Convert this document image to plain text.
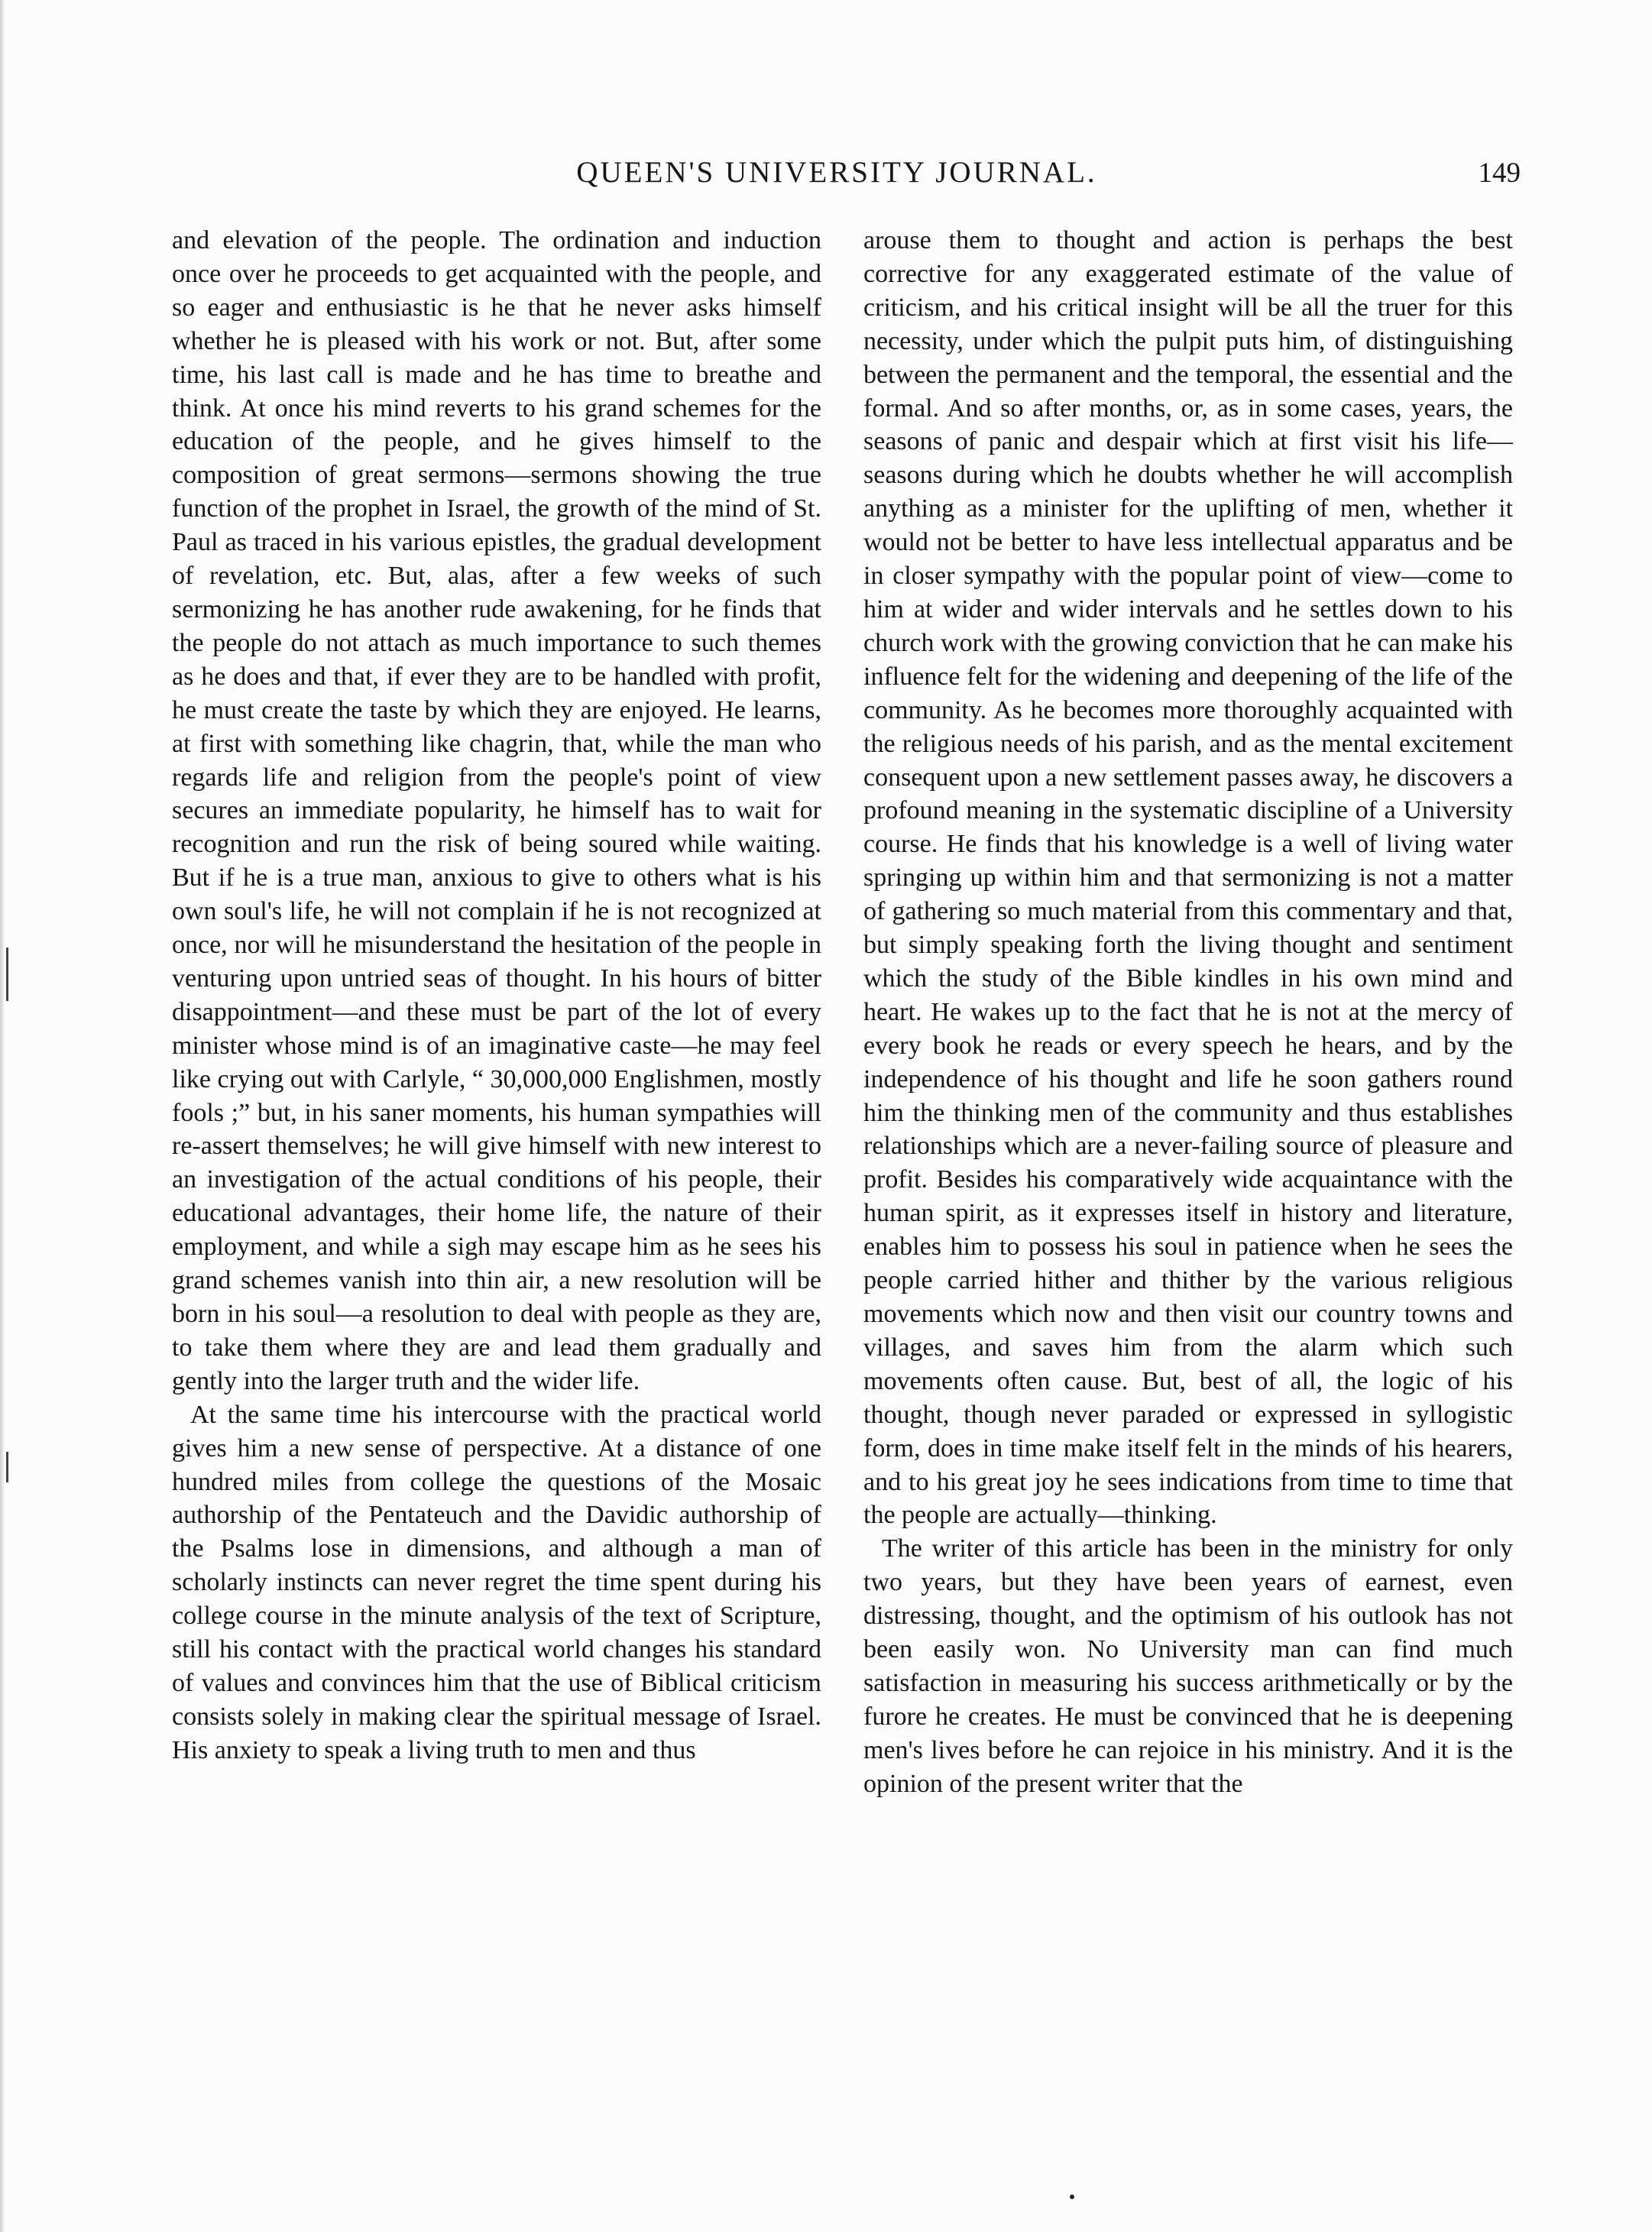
QUEEN'S UNIVERSITY JOURNAL.	149

and elevation of the people. The ordination and induction once over he proceeds to get acquainted with the people, and so eager and enthusiastic is he that he never asks himself whether he is pleased with his work or not. But, after some time, his last call is made and he has time to breathe and think. At once his mind reverts to his grand schemes for the education of the people, and he gives himself to the composition of great sermons—sermons showing the true function of the prophet in Israel, the growth of the mind of St. Paul as traced in his various epistles, the gradual development of revelation, etc. But, alas, after a few weeks of such sermonizing he has another rude awakening, for he finds that the people do not attach as much importance to such themes as he does and that, if ever they are to be handled with profit, he must create the taste by which they are enjoyed. He learns, at first with something like chagrin, that, while the man who regards life and religion from the people's point of view secures an immediate popularity, he himself has to wait for recognition and run the risk of being soured while waiting. But if he is a true man, anxious to give to others what is his own soul's life, he will not complain if he is not recognized at once, nor will he misunderstand the hesitation of the people in venturing upon untried seas of thought. In his hours of bitter disappointment—and these must be part of the lot of every minister whose mind is of an imaginative caste—he may feel like crying out with Carlyle, “ 30,000,000 Englishmen, mostly fools ;” but, in his saner moments, his human sympathies will re-assert themselves; he will give himself with new interest to an investigation of the actual conditions of his people, their educational advantages, their home life, the nature of their employment, and while a sigh may escape him as he sees his grand schemes vanish into thin air, a new resolution will be born in his soul—a resolution to deal with people as they are, to take them where they are and lead them gradually and gently into the larger truth and the wider life.

At the same time his intercourse with the practical world gives him a new sense of perspective. At a distance of one hundred miles from college the questions of the Mosaic authorship of the Pentateuch and the Davidic authorship of the Psalms lose in dimensions, and although a man of scholarly instincts can never regret the time spent during his college course in the minute analysis of the text of Scripture, still his contact with the practical world changes his standard of values and convinces him that the use of Biblical criticism consists solely in making clear the spiritual message of Israel. His anxiety to speak a living truth to men and thus

arouse them to thought and action is perhaps the best corrective for any exaggerated estimate of the value of criticism, and his critical insight will be all the truer for this necessity, under which the pulpit puts him, of distinguishing between the permanent and the temporal, the essential and the formal. And so after months, or, as in some cases, years, the seasons of panic and despair which at first visit his life—seasons during which he doubts whether he will accomplish anything as a minister for the uplifting of men, whether it would not be better to have less intellectual apparatus and be in closer sympathy with the popular point of view—come to him at wider and wider intervals and he settles down to his church work with the growing conviction that he can make his influence felt for the widening and deepening of the life of the community. As he becomes more thoroughly acquainted with the religious needs of his parish, and as the mental excitement consequent upon a new settlement passes away, he discovers a profound meaning in the systematic discipline of a University course. He finds that his knowledge is a well of living water springing up within him and that sermonizing is not a matter of gathering so much material from this commentary and that, but simply speaking forth the living thought and sentiment which the study of the Bible kindles in his own mind and heart. He wakes up to the fact that he is not at the mercy of every book he reads or every speech he hears, and by the independence of his thought and life he soon gathers round him the thinking men of the community and thus establishes relationships which are a never-failing source of pleasure and profit. Besides his comparatively wide acquaintance with the human spirit, as it expresses itself in history and literature, enables him to possess his soul in patience when he sees the people carried hither and thither by the various religious movements which now and then visit our country towns and villages, and saves him from the alarm which such movements often cause. But, best of all, the logic of his thought, though never paraded or expressed in syllogistic form, does in time make itself felt in the minds of his hearers, and to his great joy he sees indications from time to time that the people are actually—thinking.

The writer of this article has been in the ministry for only two years, but they have been years of earnest, even distressing, thought, and the optimism of his outlook has not been easily won. No University man can find much satisfaction in measuring his success arithmetically or by the furore he creates. He must be convinced that he is deepening men's lives before he can rejoice in his ministry. And it is the opinion of the present writer that the
